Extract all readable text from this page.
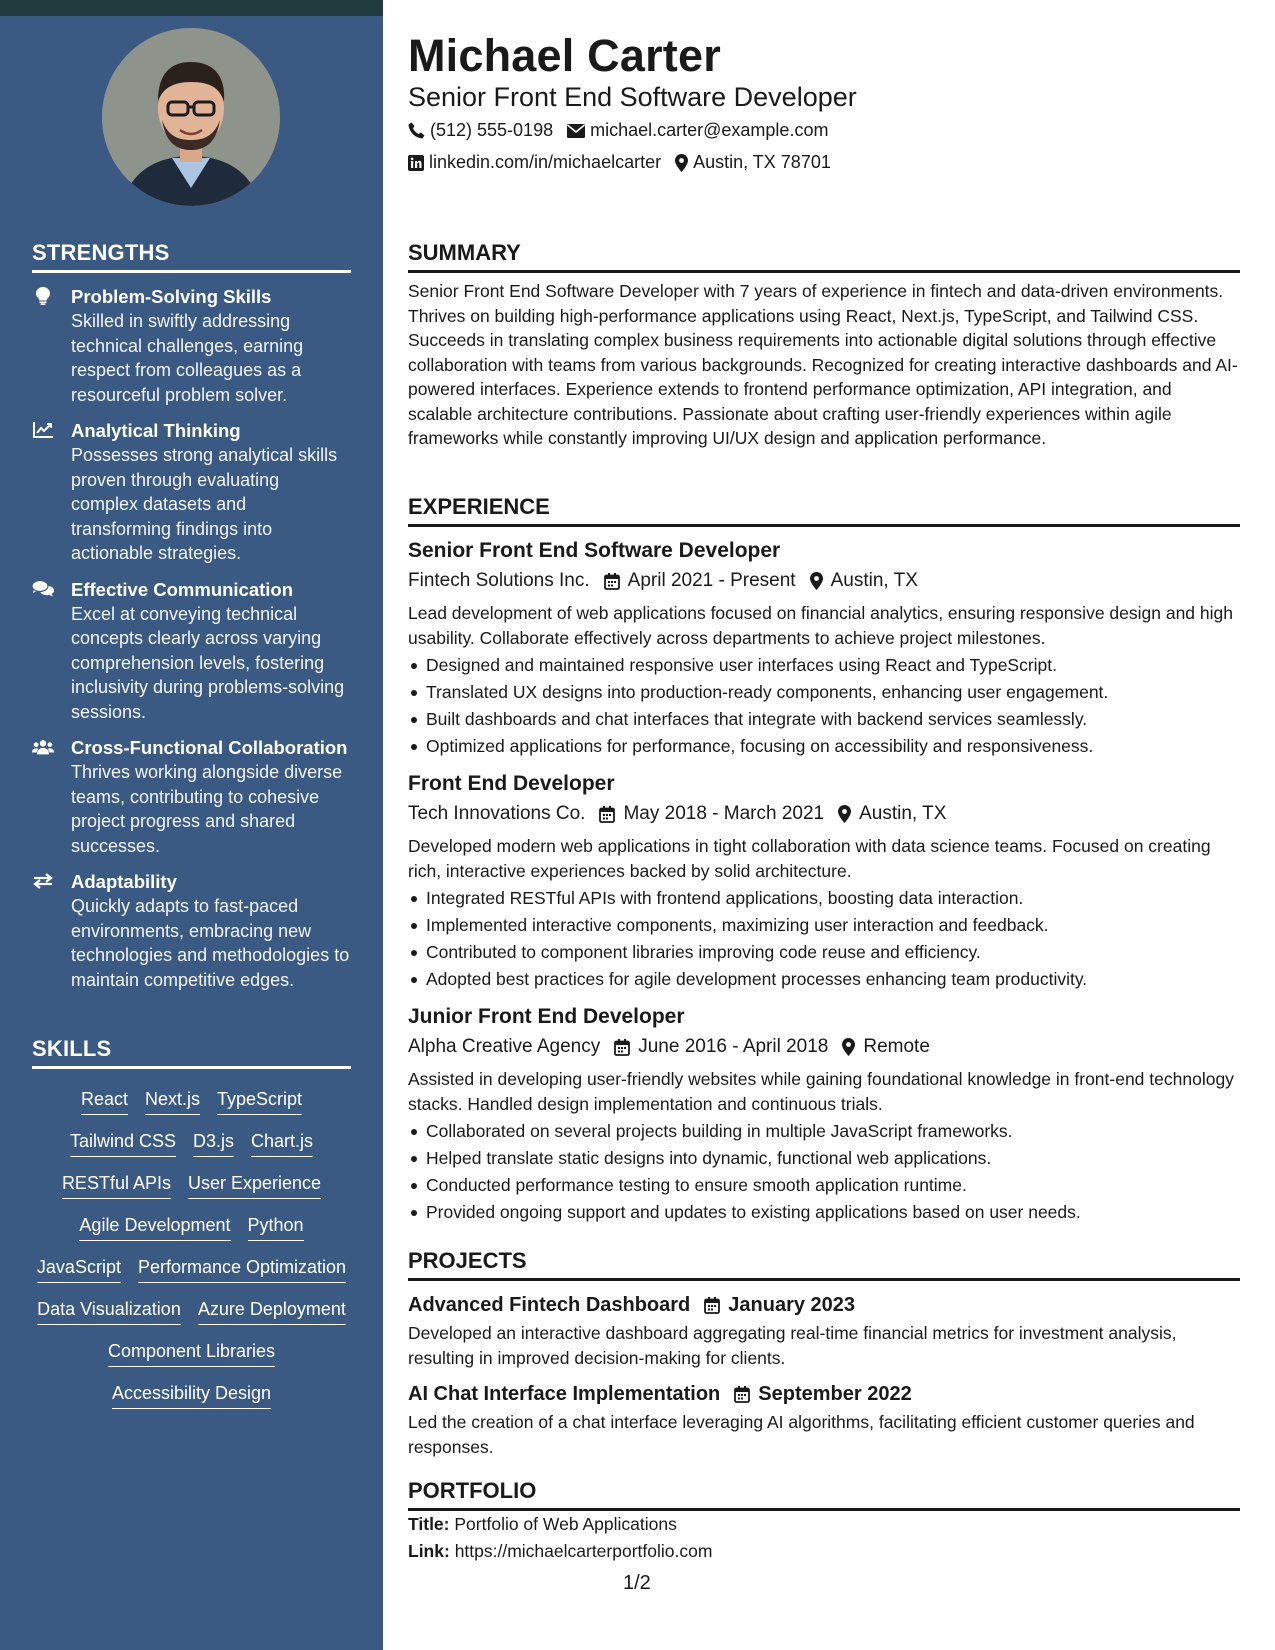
STRENGTHS
Problem-Solving Skills
Skilled in swiftly addressing technical challenges, earning respect from colleagues as a resourceful problem solver.
Analytical Thinking
Possesses strong analytical skills proven through evaluating complex datasets and transforming findings into actionable strategies.
Effective Communication
Excel at conveying technical concepts clearly across varying comprehension levels, fostering inclusivity during problems-solving sessions.
Cross-Functional Collaboration
Thrives working alongside diverse teams, contributing to cohesive project progress and shared successes.
Adaptability
Quickly adapts to fast-paced environments, embracing new technologies and methodologies to maintain competitive edges.
SKILLS
React Next.js TypeScript
Tailwind CSS D3.js Chart.js
RESTful APIs User Experience
Agile Development Python
JavaScript Performance Optimization
Data Visualization Azure Deployment
Component Libraries
Accessibility Design
Michael Carter
Senior Front End Software Developer
(512) 555-0198 michael.carter@example.com
linkedin.com/in/michaelcarter Austin, TX 78701
SUMMARY
Senior Front End Software Developer with 7 years of experience in fintech and data-driven environments. Thrives on building high-performance applications using React, Next.js, TypeScript, and Tailwind CSS. Succeeds in translating complex business requirements into actionable digital solutions through effective collaboration with teams from various backgrounds. Recognized for creating interactive dashboards and AI-powered interfaces. Experience extends to frontend performance optimization, API integration, and scalable architecture contributions. Passionate about crafting user-friendly experiences within agile frameworks while constantly improving UI/UX design and application performance.
EXPERIENCE
Senior Front End Software Developer
Fintech Solutions Inc. April 2021 - Present Austin, TX
Lead development of web applications focused on financial analytics, ensuring responsive design and high usability. Collaborate effectively across departments to achieve project milestones.
Designed and maintained responsive user interfaces using React and TypeScript.
Translated UX designs into production-ready components, enhancing user engagement.
Built dashboards and chat interfaces that integrate with backend services seamlessly.
Optimized applications for performance, focusing on accessibility and responsiveness.
Front End Developer
Tech Innovations Co. May 2018 - March 2021 Austin, TX
Developed modern web applications in tight collaboration with data science teams. Focused on creating rich, interactive experiences backed by solid architecture.
Integrated RESTful APIs with frontend applications, boosting data interaction.
Implemented interactive components, maximizing user interaction and feedback.
Contributed to component libraries improving code reuse and efficiency.
Adopted best practices for agile development processes enhancing team productivity.
Junior Front End Developer
Alpha Creative Agency June 2016 - April 2018 Remote
Assisted in developing user-friendly websites while gaining foundational knowledge in front-end technology stacks. Handled design implementation and continuous trials.
Collaborated on several projects building in multiple JavaScript frameworks.
Helped translate static designs into dynamic, functional web applications.
Conducted performance testing to ensure smooth application runtime.
Provided ongoing support and updates to existing applications based on user needs.
PROJECTS
Advanced Fintech Dashboard January 2023
Developed an interactive dashboard aggregating real-time financial metrics for investment analysis, resulting in improved decision-making for clients.
AI Chat Interface Implementation September 2022
Led the creation of a chat interface leveraging AI algorithms, facilitating efficient customer queries and responses.
PORTFOLIO
Title: Portfolio of Web Applications
Link: https://michaelcarterportfolio.com
1/2
